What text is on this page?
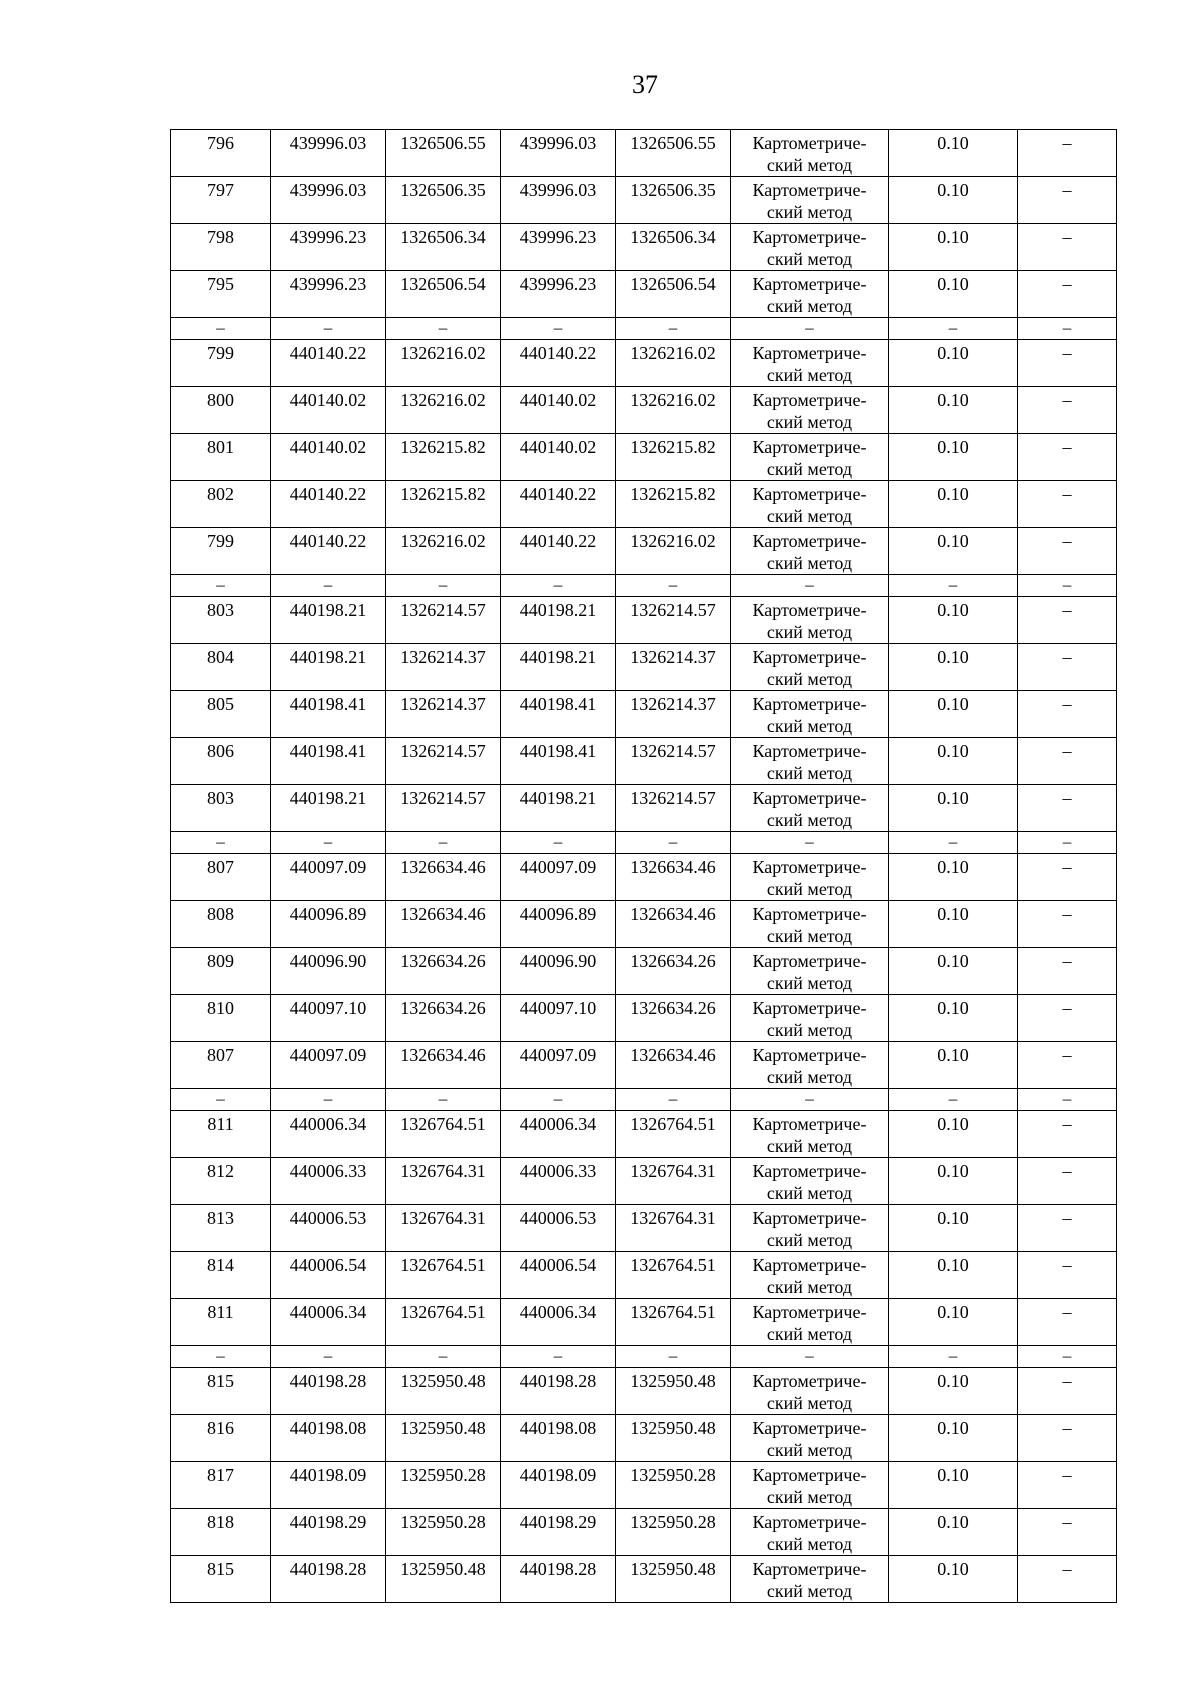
37
796	439996.03	1326506.55	439996.03	1326506.55	Картометриче-
ский метод	0.10	–
797	439996.03	1326506.35	439996.03	1326506.35	Картометриче-
ский метод	0.10	–
798	439996.23	1326506.34	439996.23	1326506.34	Картометриче-
ский метод	0.10	–
795	439996.23	1326506.54	439996.23	1326506.54	Картометриче-
ский метод	0.10	–
–	–	–	–	–	–	–	–
799	440140.22	1326216.02	440140.22	1326216.02	Картометриче-
ский метод	0.10	–
800	440140.02	1326216.02	440140.02	1326216.02	Картометриче-
ский метод	0.10	–
801	440140.02	1326215.82	440140.02	1326215.82	Картометриче-
ский метод	0.10	–
802	440140.22	1326215.82	440140.22	1326215.82	Картометриче-
ский метод	0.10	–
799	440140.22	1326216.02	440140.22	1326216.02	Картометриче-
ский метод	0.10	–
–	–	–	–	–	–	–	–
803	440198.21	1326214.57	440198.21	1326214.57	Картометриче-
ский метод	0.10	–
804	440198.21	1326214.37	440198.21	1326214.37	Картометриче-
ский метод	0.10	–
805	440198.41	1326214.37	440198.41	1326214.37	Картометриче-
ский метод	0.10	–
806	440198.41	1326214.57	440198.41	1326214.57	Картометриче-
ский метод	0.10	–
803	440198.21	1326214.57	440198.21	1326214.57	Картометриче-
ский метод	0.10	–
–	–	–	–	–	–	–	–
807	440097.09	1326634.46	440097.09	1326634.46	Картометриче-
ский метод	0.10	–
808	440096.89	1326634.46	440096.89	1326634.46	Картометриче-
ский метод	0.10	–
809	440096.90	1326634.26	440096.90	1326634.26	Картометриче-
ский метод	0.10	–
810	440097.10	1326634.26	440097.10	1326634.26	Картометриче-
ский метод	0.10	–
807	440097.09	1326634.46	440097.09	1326634.46	Картометриче-
ский метод	0.10	–
–	–	–	–	–	–	–	–
811	440006.34	1326764.51	440006.34	1326764.51	Картометриче-
ский метод	0.10	–
812	440006.33	1326764.31	440006.33	1326764.31	Картометриче-
ский метод	0.10	–
813	440006.53	1326764.31	440006.53	1326764.31	Картометриче-
ский метод	0.10	–
814	440006.54	1326764.51	440006.54	1326764.51	Картометриче-
ский метод	0.10	–
811	440006.34	1326764.51	440006.34	1326764.51	Картометриче-
ский метод	0.10	–
–	–	–	–	–	–	–	–
815	440198.28	1325950.48	440198.28	1325950.48	Картометриче-
ский метод	0.10	–
816	440198.08	1325950.48	440198.08	1325950.48	Картометриче-
ский метод	0.10	–
817	440198.09	1325950.28	440198.09	1325950.28	Картометриче-
ский метод	0.10	–
818	440198.29	1325950.28	440198.29	1325950.28	Картометриче-
ский метод	0.10	–
815	440198.28	1325950.48	440198.28	1325950.48	Картометриче-
ский метод	0.10	–
